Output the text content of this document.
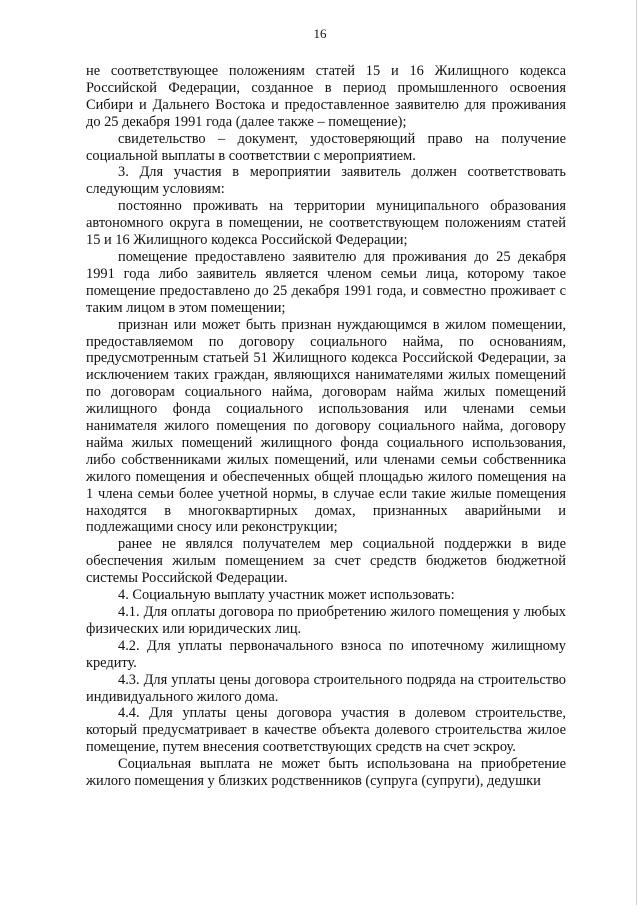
16

не соответствующее положениям статей 15 и 16 Жилищного кодекса Российской Федерации, созданное в период промышленного освоения Сибири и Дальнего Востока и предоставленное заявителю для проживания до 25 декабря 1991 года (далее также – помещение);

свидетельство – документ, удостоверяющий право на получение социальной выплаты в соответствии с мероприятием.

3. Для участия в мероприятии заявитель должен соответствовать следующим условиям:

постоянно проживать на территории муниципального образования автономного округа в помещении, не соответствующем положениям статей 15 и 16 Жилищного кодекса Российской Федерации;

помещение предоставлено заявителю для проживания до 25 декабря 1991 года либо заявитель является членом семьи лица, которому такое помещение предоставлено до 25 декабря 1991 года, и совместно проживает с таким лицом в этом помещении;

признан или может быть признан нуждающимся в жилом помещении, предоставляемом по договору социального найма, по основаниям, предусмотренным статьей 51 Жилищного кодекса Российской Федерации, за исключением таких граждан, являющихся нанимателями жилых помещений по договорам социального найма, договорам найма жилых помещений жилищного фонда социального использования или членами семьи нанимателя жилого помещения по договору социального найма, договору найма жилых помещений жилищного фонда социального использования, либо собственниками жилых помещений, или членами семьи собственника жилого помещения и обеспеченных общей площадью жилого помещения на 1 члена семьи более учетной нормы, в случае если такие жилые помещения находятся в многоквартирных домах, признанных аварийными и подлежащими сносу или реконструкции;

ранее не являлся получателем мер социальной поддержки в виде обеспечения жилым помещением за счет средств бюджетов бюджетной системы Российской Федерации.

4. Социальную выплату участник может использовать:

4.1. Для оплаты договора по приобретению жилого помещения у любых физических или юридических лиц.

4.2. Для уплаты первоначального взноса по ипотечному жилищному кредиту.

4.3. Для уплаты цены договора строительного подряда на строительство индивидуального жилого дома.

4.4. Для уплаты цены договора участия в долевом строительстве, который предусматривает в качестве объекта долевого строительства жилое помещение, путем внесения соответствующих средств на счет эскроу.

Социальная выплата не может быть использована на приобретение жилого помещения у близких родственников (супруга (супруги), дедушки
